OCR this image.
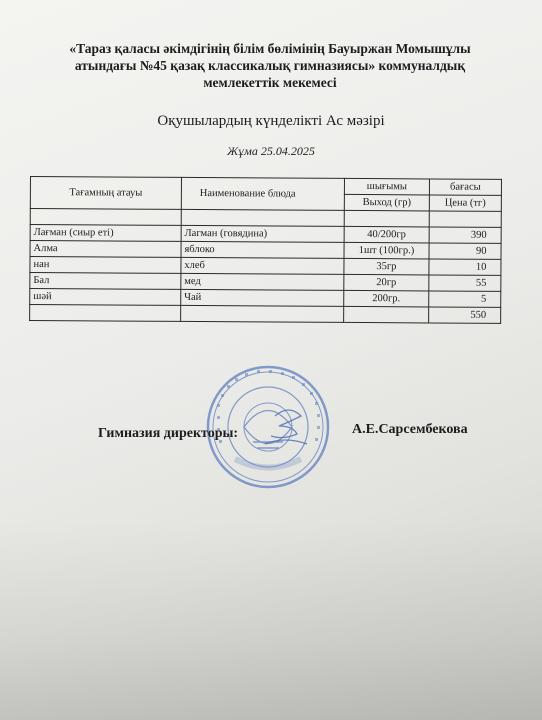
«Тараз қаласы әкімдігінің білім бөлімінің Бауыржан Момышұлы
атындағы №45 қазақ классикалық гимназиясы» коммуналдық
мемлекеттік мекемесі
Оқушылардың күнделікті Ас мәзірі
Жұма 25.04.2025
Тағамның атауы	Наименование блюда	шығымы	бағасы
		Выход (гр)	Цена (тг)

Лағман (сиыр еті)	Лагман (говядина)	40/200гр	390
Алма	яблоко	1шт (100гр.)	90
нан	хлеб	35гр	10
Бал	мед	20гр	55
шәй	Чай	200гр.	5
			550
Гимназия директоры:	А.Е.Сарсембекова
